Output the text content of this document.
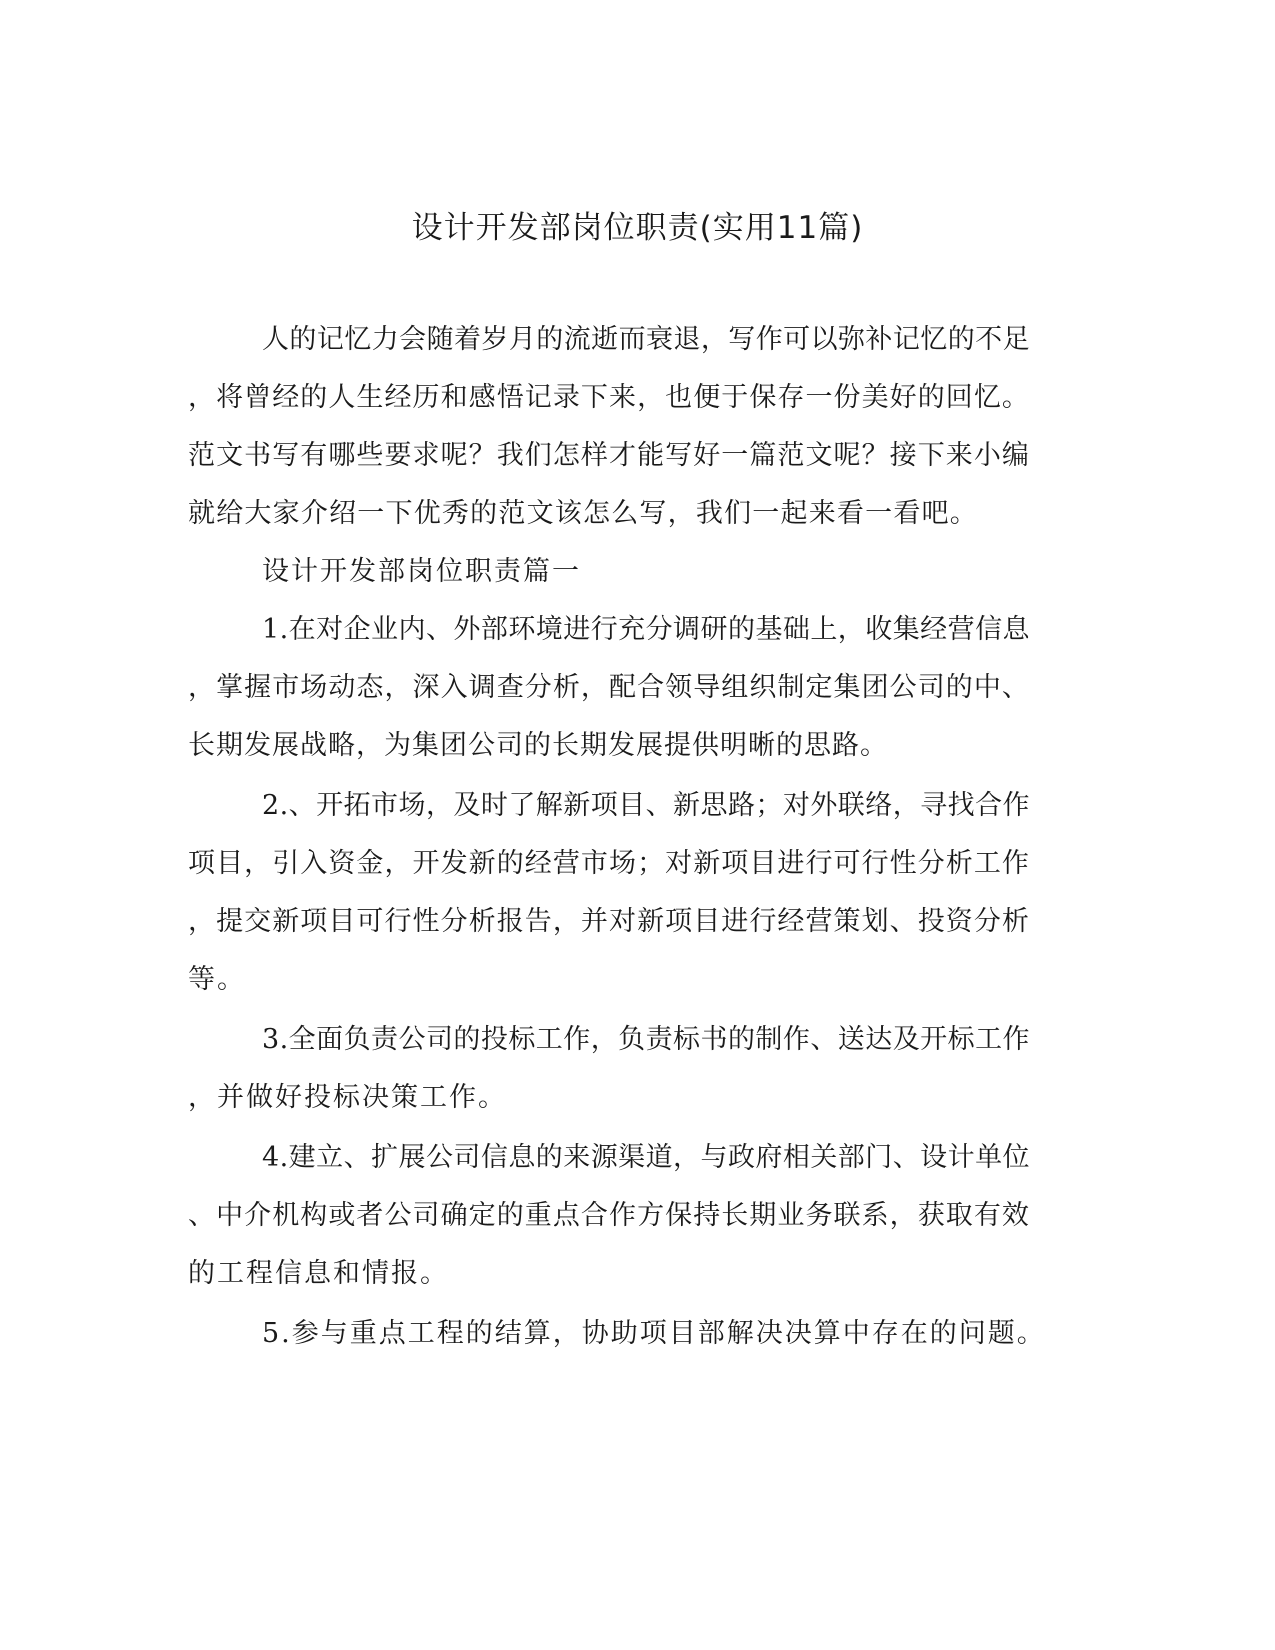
设计开发部岗位职责(实用11篇)
人的记忆力会随着岁月的流逝而衰退，写作可以弥补记忆的不足
，将曾经的人生经历和感悟记录下来，也便于保存一份美好的回忆。
范文书写有哪些要求呢？我们怎样才能写好一篇范文呢？接下来小编
就给大家介绍一下优秀的范文该怎么写，我们一起来看一看吧。
设计开发部岗位职责篇一
1.在对企业内、外部环境进行充分调研的基础上，收集经营信息
，掌握市场动态，深入调查分析，配合领导组织制定集团公司的中、
长期发展战略，为集团公司的长期发展提供明晰的思路。
2.、开拓市场，及时了解新项目、新思路；对外联络，寻找合作
项目，引入资金，开发新的经营市场；对新项目进行可行性分析工作
，提交新项目可行性分析报告，并对新项目进行经营策划、投资分析
等。
3.全面负责公司的投标工作，负责标书的制作、送达及开标工作
，并做好投标决策工作。
4.建立、扩展公司信息的来源渠道，与政府相关部门、设计单位
、中介机构或者公司确定的重点合作方保持长期业务联系，获取有效
的工程信息和情报。
5.参与重点工程的结算，协助项目部解决决算中存在的问题。
